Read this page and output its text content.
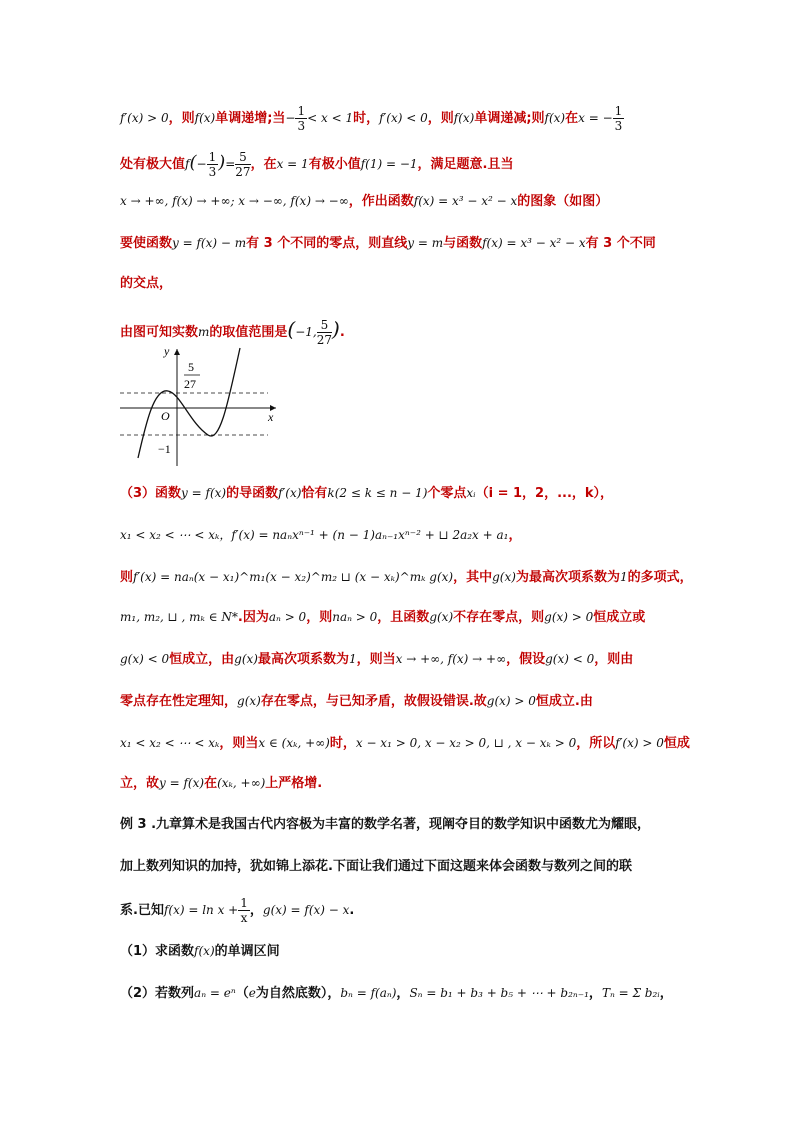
f′(x) > 0，则f(x)单调递增;当− $\frac{1}{3} < x < 1$时，f′(x) < 0，则f(x)单调递减;则f(x)在x = − $\frac{1}{3}$
处有极大值$f(- \frac{1}{3}$ )= $\frac{5}{27}$ ，在x = 1有极小值f(1) = −1，满足题意.且当
x → +∞, f(x) → +∞; x → −∞, f(x) → −∞，作出函数f(x) = x³ − x² − x的图象（如图）
要使函数y = f(x) − m有 3 个不同的零点，则直线y = m与函数f(x) = x³ − x² − x有 3 个不同
的交点，
由图可知实数m的取值范围是(−1, $\frac{5}{27}$ ).
y
x
O
5
27
−1
（3）函数y = f(x)的导函数f′(x)恰有k(2 ≤ k ≤ n − 1)个零点xᵢ（i = 1，2，...，k），
x₁ < x₂ < ⋯ < xₖ，f′(x) = naₙxⁿ⁻¹ + (n − 1)aₙ₋₁xⁿ⁻² + ⊔ 2a₂x + a₁，
则f′(x) = naₙ(x − x₁)^m₁(x − x₂)^m₂ ⊔ (x − xₖ)^mₖ g(x)，其中g(x)为最高次项系数为1的多项式，
m₁, m₂, ⊔ , mₖ ∈ N*.因为aₙ > 0，则naₙ > 0，且函数g(x)不存在零点，则g(x) > 0恒成立或
g(x) < 0恒成立，由g(x)最高次项系数为1，则当x → +∞, f(x) → +∞，假设g(x) < 0，则由
零点存在性定理知，g(x)存在零点，与已知矛盾，故假设错误.故g(x) > 0恒成立.由
x₁ < x₂ < ⋯ < xₖ，则当x ∈ (xₖ, +∞)时，x − x₁ > 0, x − x₂ > 0, ⊔ , x − xₖ > 0，所以f′(x) > 0恒成
立，故y = f(x)在(xₖ, +∞)上严格增.
例 3 .九章算术是我国古代内容极为丰富的数学名著，现阐夺目的数学知识中函数尤为耀眼，
加上数列知识的加持，犹如锦上添花.下面让我们通过下面这题来体会函数与数列之间的联
系.已知$f(x) = \ln x + \frac{1}{x}$ ，g(x) = f(x) − x.
（1）求函数f(x)的单调区间
（2）若数列aₙ = eⁿ（e为自然底数），bₙ = f(aₙ)，Sₙ = b₁ + b₃ + b₅ + ⋯ + b₂ₙ₋₁，Tₙ = Σ b₂ᵢ，
